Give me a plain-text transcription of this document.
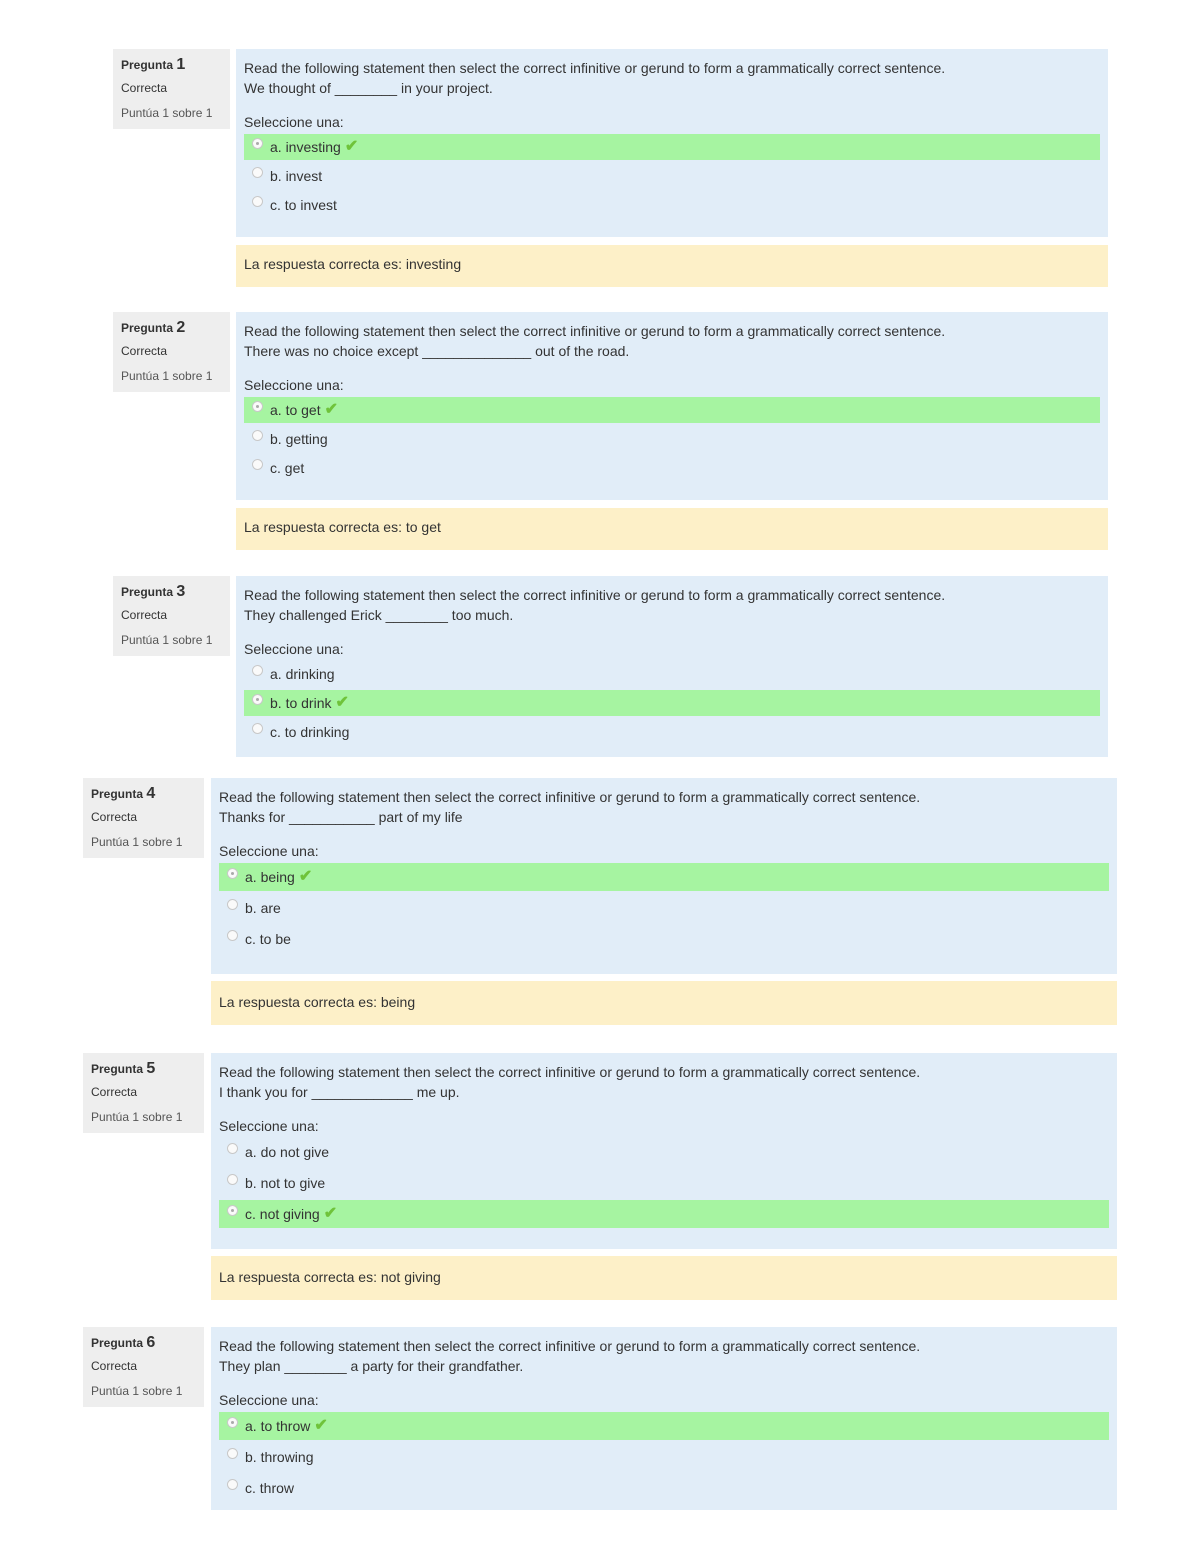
Pregunta 1
Correcta
Puntúa 1 sobre 1
Read the following statement then select the correct infinitive or gerund to form a grammatically correct sentence.
We thought of ________ in your project.
Seleccione una:
a. investing ✔
b. invest
c. to invest
La respuesta correcta es: investing
Pregunta 2
Correcta
Puntúa 1 sobre 1
Read the following statement then select the correct infinitive or gerund to form a grammatically correct sentence.
There was no choice except ______________ out of the road.
Seleccione una:
a. to get ✔
b. getting
c. get
La respuesta correcta es: to get
Pregunta 3
Correcta
Puntúa 1 sobre 1
Read the following statement then select the correct infinitive or gerund to form a grammatically correct sentence.
They challenged Erick ________ too much.
Seleccione una:
a. drinking
b. to drink ✔
c. to drinking
Pregunta 4
Correcta
Puntúa 1 sobre 1
Read the following statement then select the correct infinitive or gerund to form a grammatically correct sentence.
Thanks for ___________ part of my life
Seleccione una:
a. being ✔
b. are
c. to be
La respuesta correcta es: being
Pregunta 5
Correcta
Puntúa 1 sobre 1
Read the following statement then select the correct infinitive or gerund to form a grammatically correct sentence.
I thank you for _____________ me up.
Seleccione una:
a. do not give
b. not to give
c. not giving ✔
La respuesta correcta es: not giving
Pregunta 6
Correcta
Puntúa 1 sobre 1
Read the following statement then select the correct infinitive or gerund to form a grammatically correct sentence.
They plan ________ a party for their grandfather.
Seleccione una:
a. to throw ✔
b. throwing
c. throw
